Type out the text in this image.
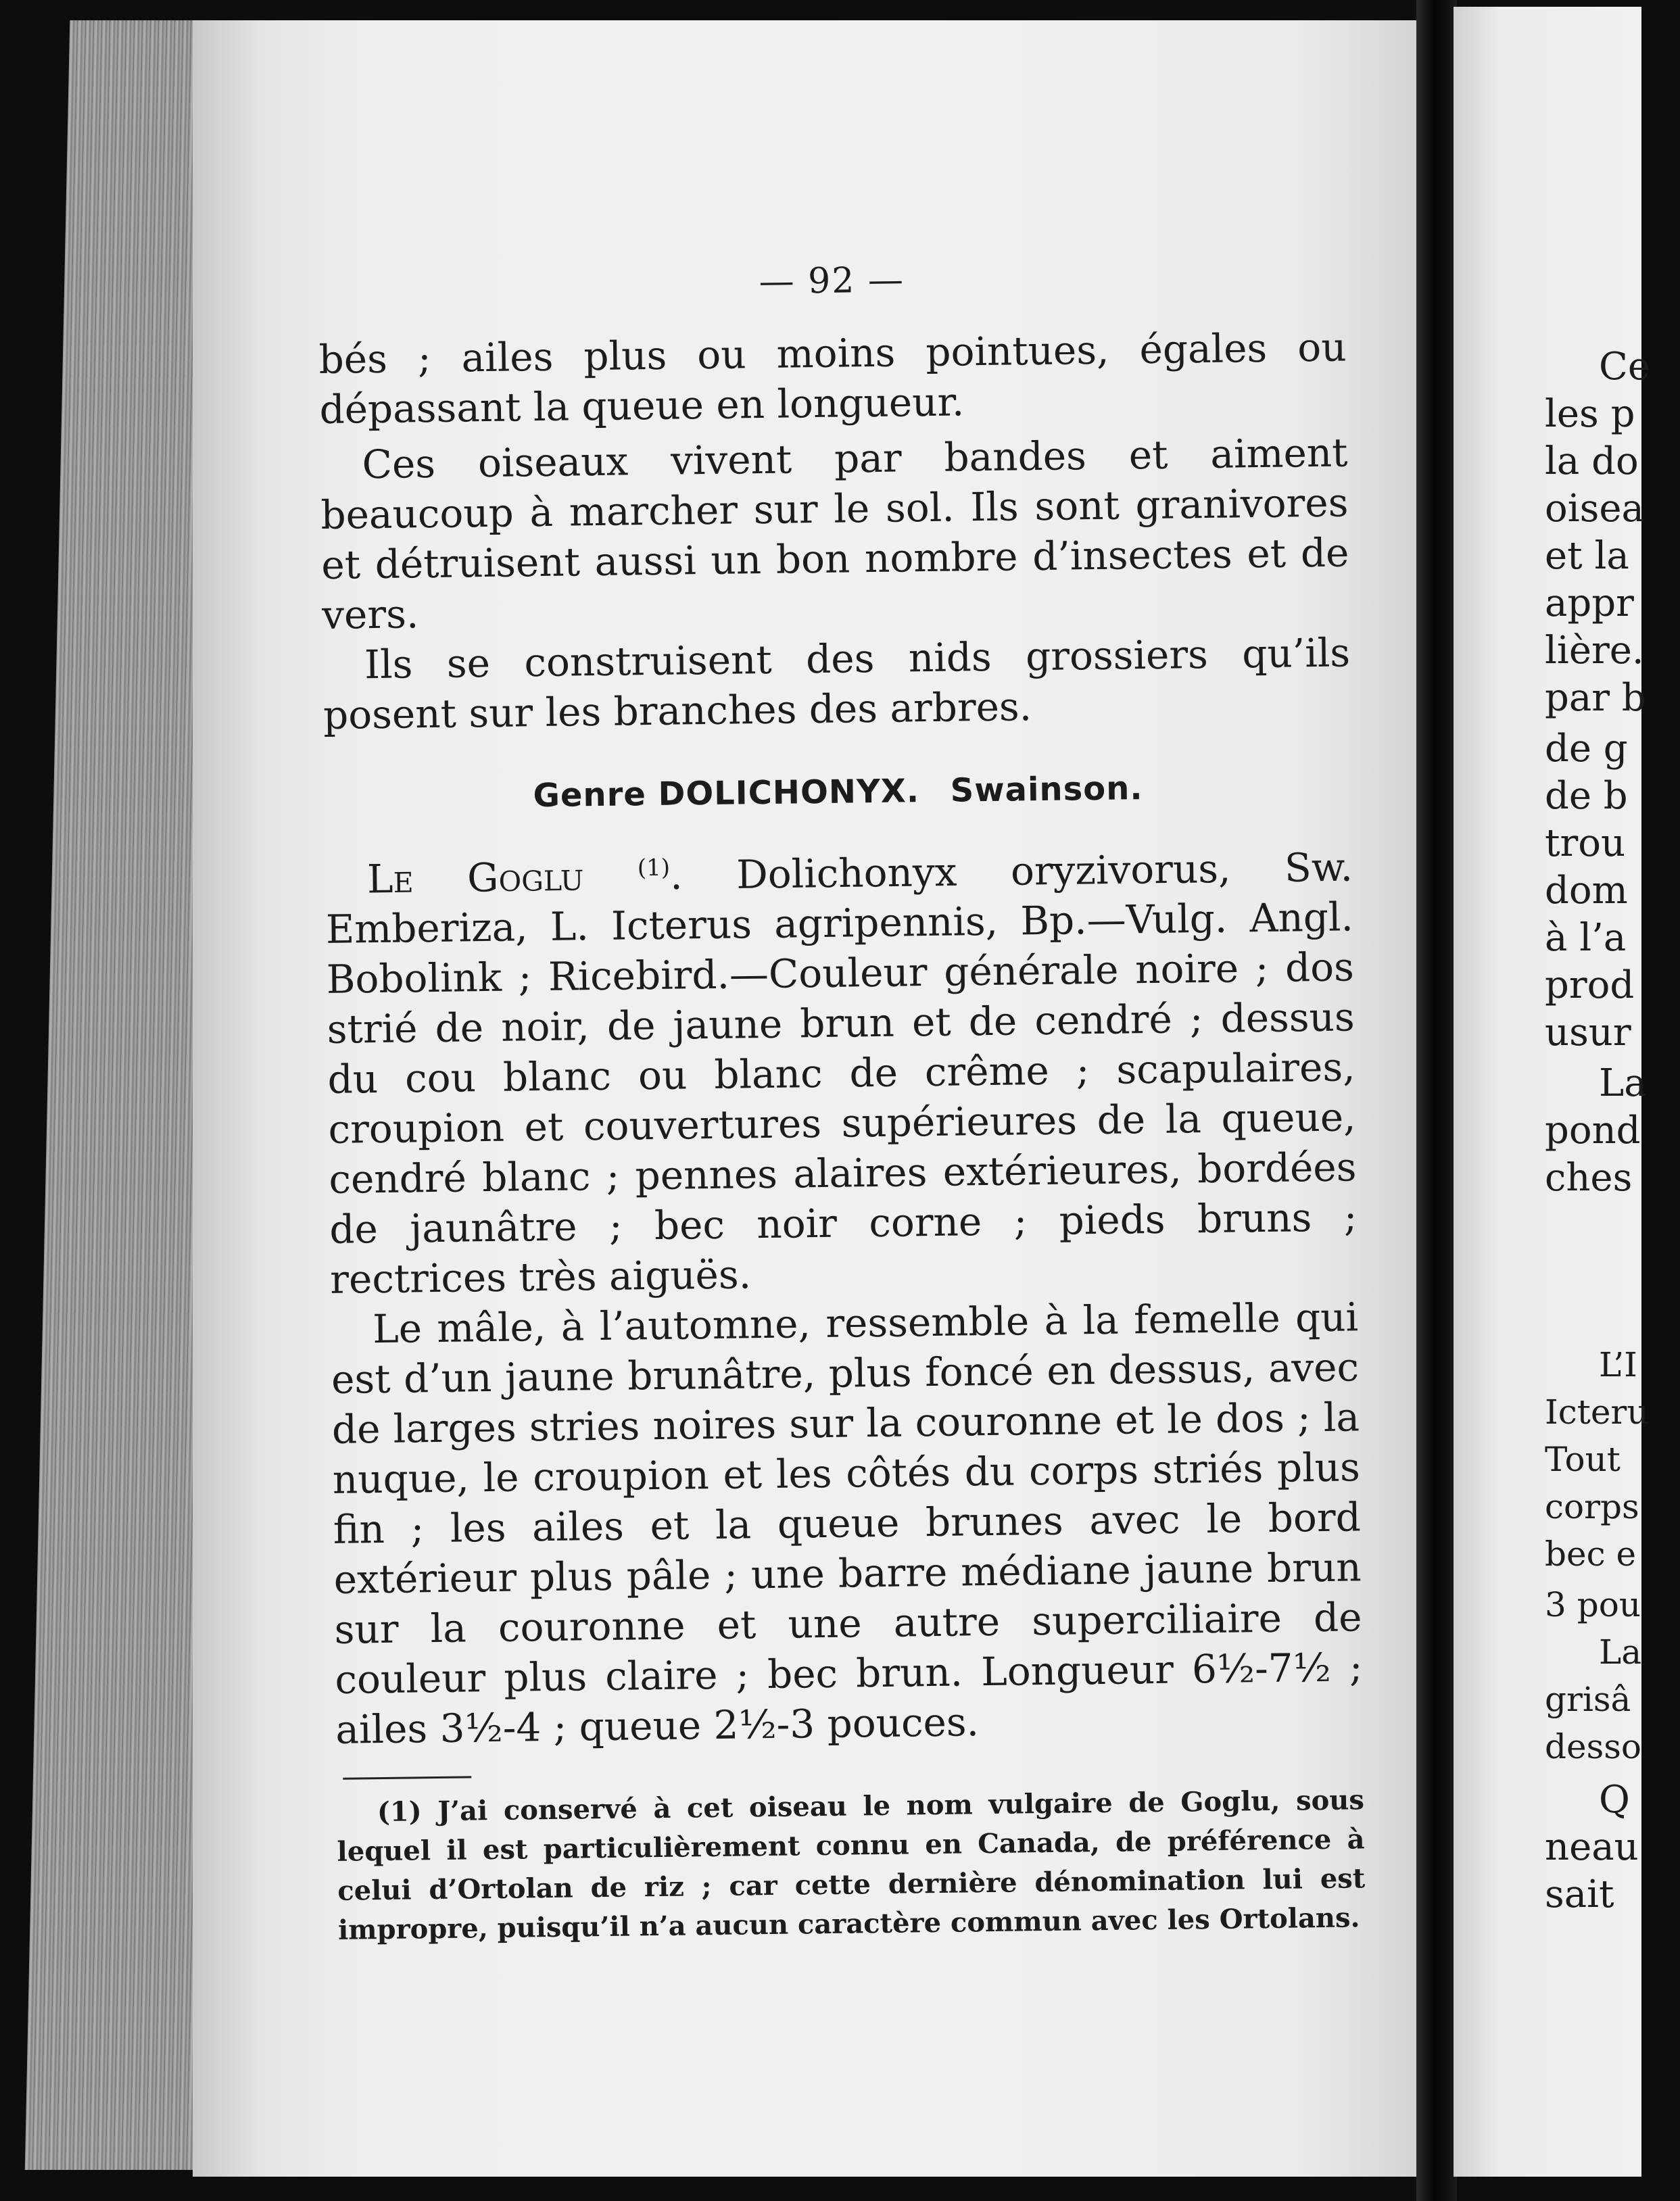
— 92 —

bés ; ailes plus ou moins pointues, égales ou dépassant la queue en longueur.

Ces oiseaux vivent par bandes et aiment beaucoup à marcher sur le sol. Ils sont granivores et détruisent aussi un bon nombre d’insectes et de vers.

Ils se construisent des nids grossiers qu’ils posent sur les branches des arbres.

Genre DOLICHONYX. Swainson.

Le Goglu $^{(1)}$. Dolichonyx oryzivorus, Sw. Emberiza, L. Icterus agripennis, Bp.—Vulg. Angl. Bobolink ; Ricebird.—Couleur générale noire ; dos strié de noir, de jaune brun et de cendré ; dessus du cou blanc ou blanc de crême ; scapulaires, croupion et couvertures supérieures de la queue, cendré blanc ; pennes alaires extérieures, bordées de jaunâtre ; bec noir corne ; pieds bruns ; rectrices très aiguës.

Le mâle, à l’automne, ressemble à la femelle qui est d’un jaune brunâtre, plus foncé en dessus, avec de larges stries noires sur la couronne et le dos ; la nuque, le croupion et les côtés du corps striés plus fin ; les ailes et la queue brunes avec le bord extérieur plus pâle ; une barre médiane jaune brun sur la couronne et une autre superciliaire de couleur plus claire ; bec brun. Longueur 6½-7½ ; ailes 3½-4 ; queue 2½-3 pouces.

(1) J’ai conservé à cet oiseau le nom vulgaire de Goglu, sous lequel il est particulièrement connu en Canada, de préférence à celui d’Ortolan de riz ; car cette dernière dénomination lui est impropre, puisqu’il n’a aucun caractère commun avec les Ortolans.

Ce
les p
la do
oisea
et la
appr
lière.
par b
de g
de b
trou
dom
à l’a
prod
usur
La
pond
ches
L’I
Icteru
Tout
corps
bec e
3 pou
La
grisâ
desso
Q
neau
sait
